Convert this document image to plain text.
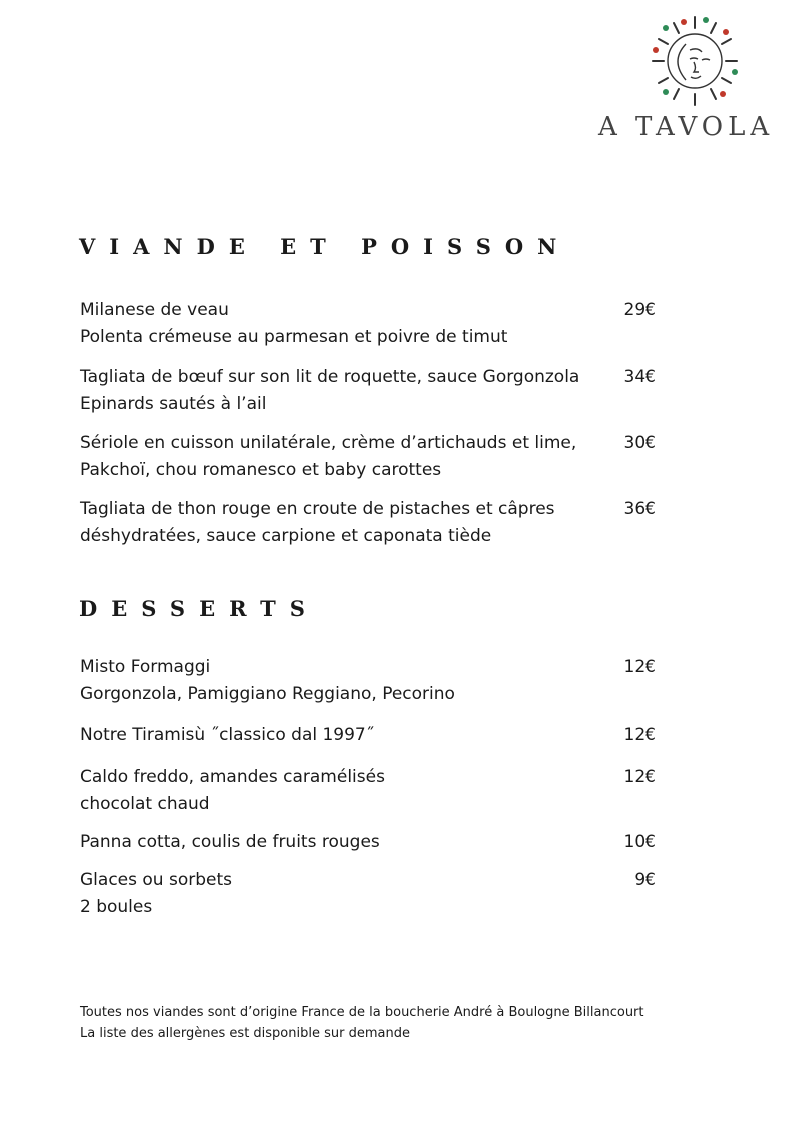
A TAVOLA
VIANDE ET POISSON
Milanese de veau
Polenta crémeuse au parmesan et poivre de timut
29€
Tagliata de bœuf sur son lit de roquette, sauce Gorgonzola
Epinards sautés à l’ail
34€
Sériole en cuisson unilatérale, crème d’artichauds et lime,
Pakchoï, chou romanesco et baby carottes
30€
Tagliata de thon rouge en croute de pistaches et câpres
déshydratées, sauce carpione et caponata tiède
36€
DESSERTS
Misto Formaggi
Gorgonzola, Pamiggiano Reggiano, Pecorino
12€
Notre Tiramisù ˝classico dal 1997˝	12€
Caldo freddo, amandes caramélisés
chocolat chaud
12€
Panna cotta, coulis de fruits rouges	10€
Glaces ou sorbets
2 boules
9€
Toutes nos viandes sont d’origine France de la boucherie André à Boulogne Billancourt
La liste des allergènes est disponible sur demande
